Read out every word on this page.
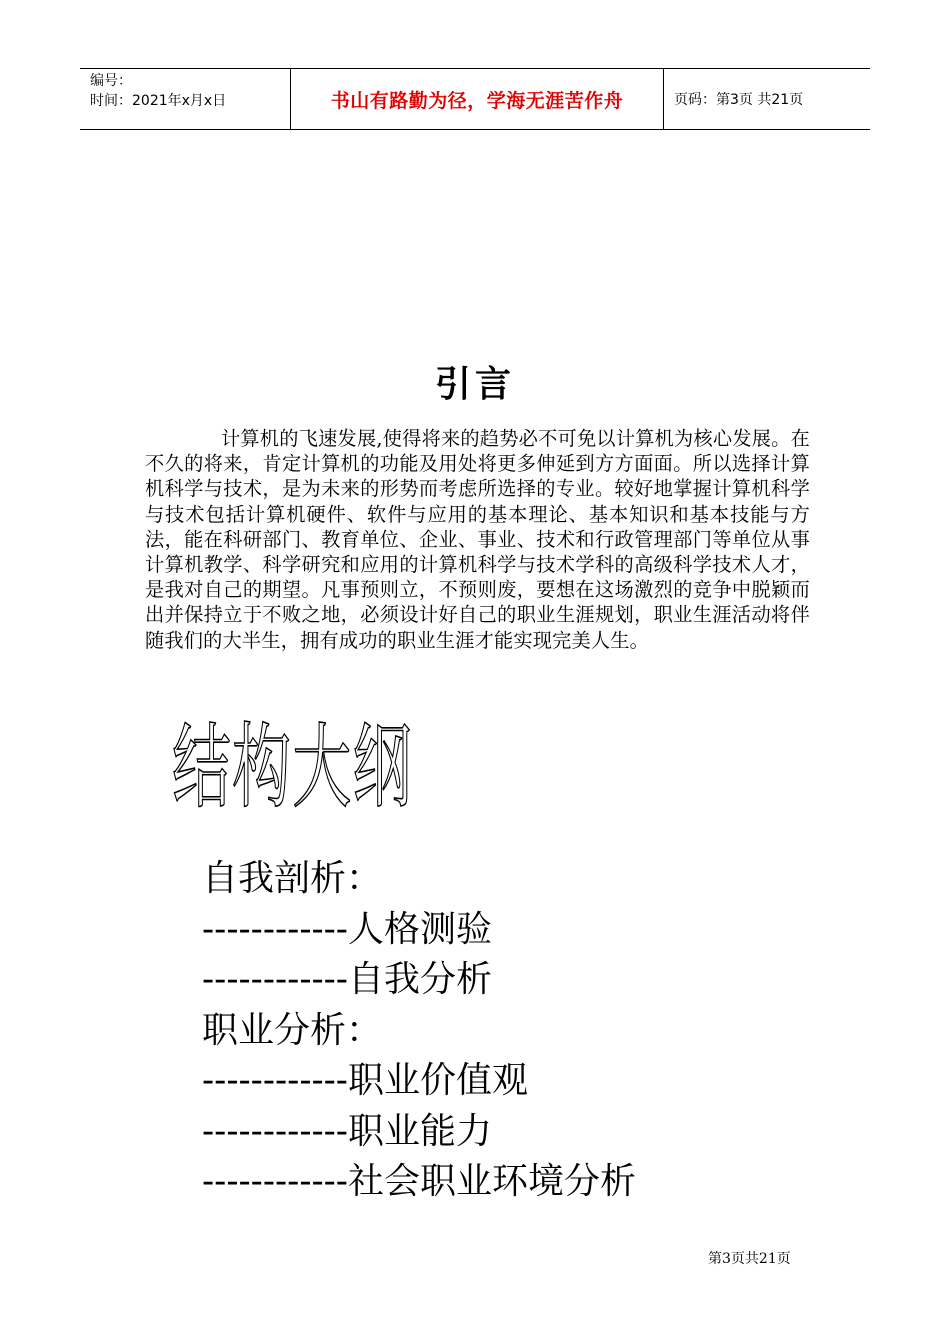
编号：
时间：2021年x月x日	书山有路勤为径，学海无涯苦作舟	页码：第3页 共21页
引言
计算机的飞速发展,使得将来的趋势必不可免以计算机为核心发展。在不久的将来，肯定计算机的功能及用处将更多伸延到方方面面。所以选择计算机科学与技术，是为未来的形势而考虑所选择的专业。较好地掌握计算机科学与技术包括计算机硬件、软件与应用的基本理论、基本知识和基本技能与方法，能在科研部门、教育单位、企业、事业、技术和行政管理部门等单位从事计算机教学、科学研究和应用的计算机科学与技术学科的高级科学技术人才，是我对自己的期望。凡事预则立，不预则废，要想在这场激烈的竞争中脱颖而出并保持立于不败之地，必须设计好自己的职业生涯规划，职业生涯活动将伴随我们的大半生，拥有成功的职业生涯才能实现完美人生。
结构大纲
自我剖析：
------------人格测验
------------自我分析
职业分析：
------------职业价值观
------------职业能力
------------社会职业环境分析
第3页共21页
